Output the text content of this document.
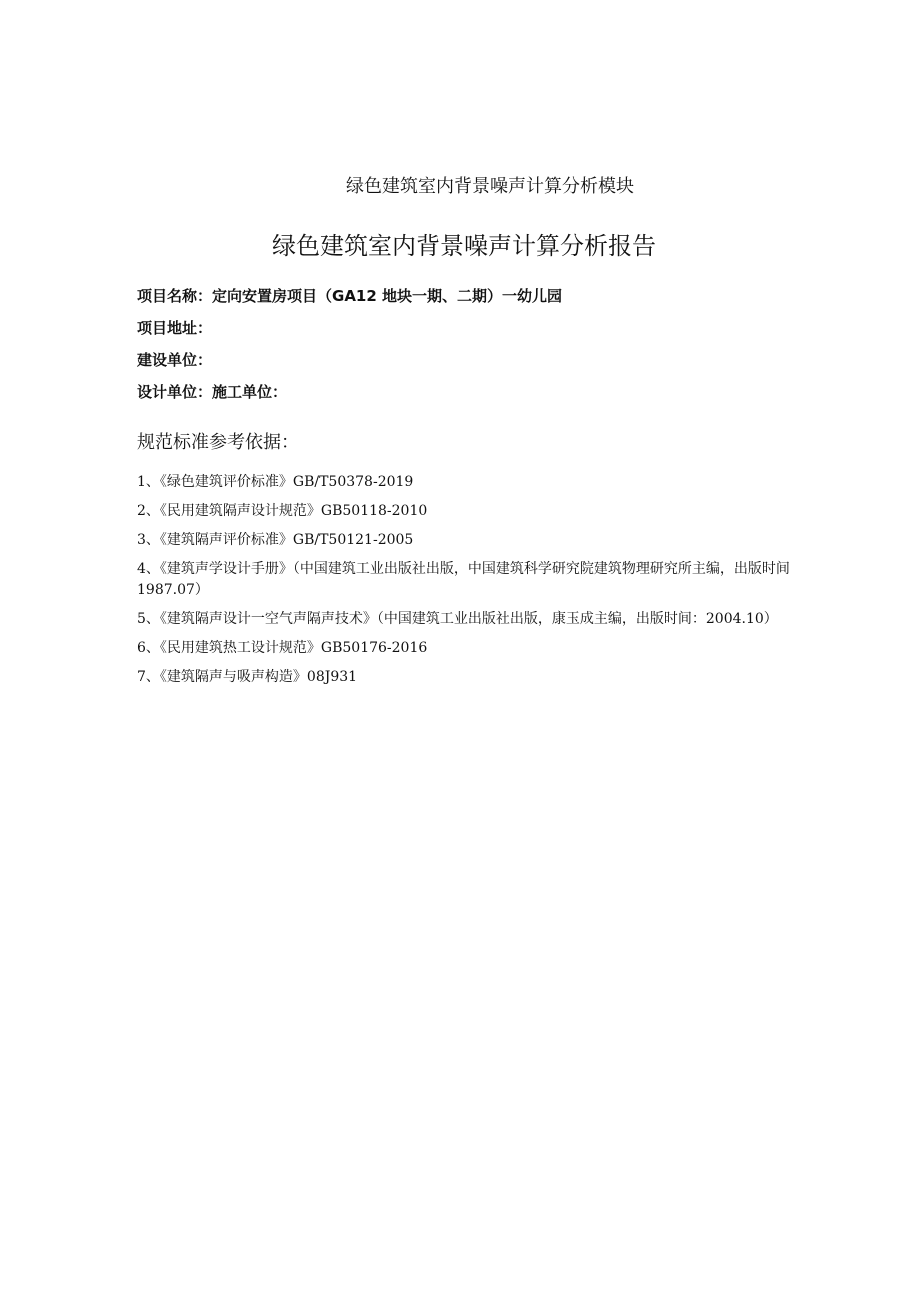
绿色建筑室内背景噪声计算分析模块
绿色建筑室内背景噪声计算分析报告
项目名称：定向安置房项目（GA12 地块一期、二期）一幼儿园
项目地址：
建设单位：
设计单位：施工单位：
规范标准参考依据：
1、《绿色建筑评价标准》GB/T50378-2019
2、《民用建筑隔声设计规范》GB50118-2010
3、《建筑隔声评价标准》GB/T50121-2005
4、《建筑声学设计手册》（中国建筑工业出版社出版，中国建筑科学研究院建筑物理研究所主编，出版时间 1987.07）
5、《建筑隔声设计一空气声隔声技术》（中国建筑工业出版社出版，康玉成主编，出版时间：2004.10）
6、《民用建筑热工设计规范》GB50176-2016
7、《建筑隔声与吸声构造》08J931
